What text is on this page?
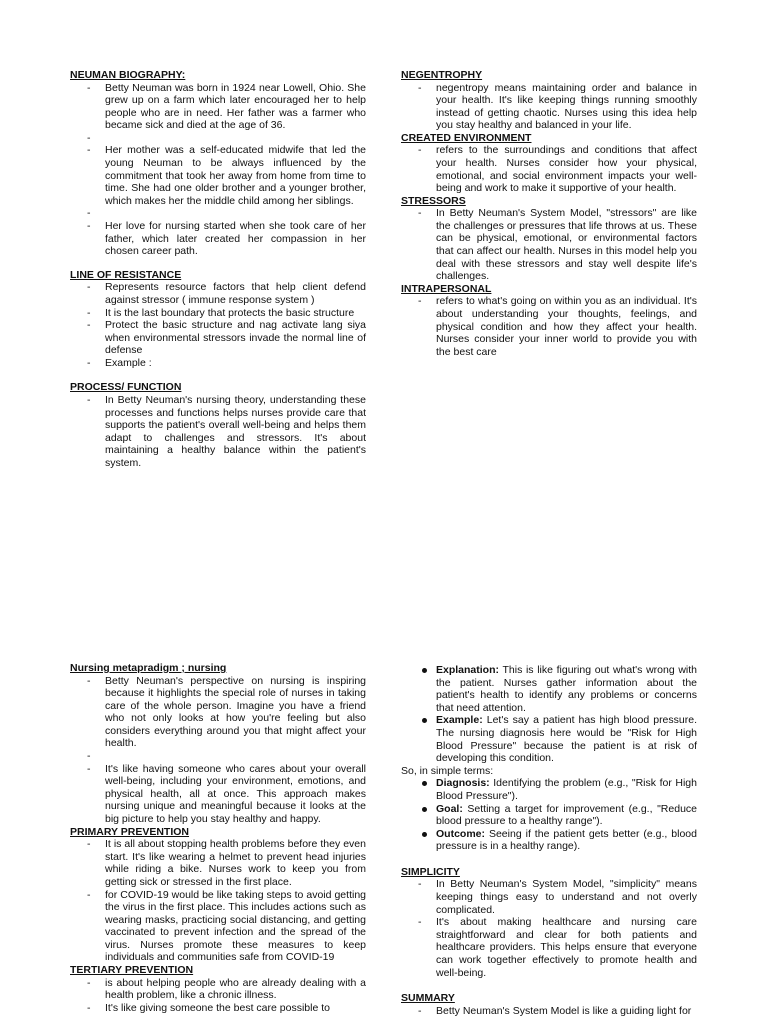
NEUMAN BIOGRAPHY:

- Betty Neuman was born in 1924 near Lowell, Ohio. She grew up on a farm which later encouraged her to help people who are in need. Her father was a farmer who became sick and died at the age of 36.
-
- Her mother was a self-educated midwife that led the young Neuman to be always influenced by the commitment that took her away from home from time to time. She had one older brother and a younger brother, which makes her the middle child among her siblings.
-
- Her love for nursing started when she took care of her father, which later created her compassion in her chosen career path.

LINE OF RESISTANCE

- Represents resource factors that help client defend against stressor ( immune response system )
- It is the last boundary that protects the basic structure
- Protect the basic structure and nag activate lang siya when environmental stressors invade the normal line of defense
- Example :

PROCESS/ FUNCTION

- In Betty Neuman's nursing theory, understanding these processes and functions helps nurses provide care that supports the patient's overall well-being and helps them adapt to challenges and stressors. It's about maintaining a healthy balance within the patient's system.

NEGENTROPHY

- negentropy means maintaining order and balance in your health. It's like keeping things running smoothly instead of getting chaotic. Nurses using this idea help you stay healthy and balanced in your life.

CREATED ENVIRONMENT

- refers to the surroundings and conditions that affect your health. Nurses consider how your physical, emotional, and social environment impacts your well-being and work to make it supportive of your health.

STRESSORS

- In Betty Neuman's System Model, "stressors" are like the challenges or pressures that life throws at us. These can be physical, emotional, or environmental factors that can affect our health. Nurses in this model help you deal with these stressors and stay well despite life's challenges.

INTRAPERSONAL

- refers to what's going on within you as an individual. It's about understanding your thoughts, feelings, and physical condition and how they affect your health. Nurses consider your inner world to provide you with the best care

Nursing metapradigm ; nursing

- Betty Neuman's perspective on nursing is inspiring because it highlights the special role of nurses in taking care of the whole person. Imagine you have a friend who not only looks at how you're feeling but also considers everything around you that might affect your health.
-
- It's like having someone who cares about your overall well-being, including your environment, emotions, and physical health, all at once. This approach makes nursing unique and meaningful because it looks at the big picture to help you stay healthy and happy.

PRIMARY PREVENTION

- It is all about stopping health problems before they even start. It's like wearing a helmet to prevent head injuries while riding a bike. Nurses work to keep you from getting sick or stressed in the first place.
- for COVID-19 would be like taking steps to avoid getting the virus in the first place. This includes actions such as wearing masks, practicing social distancing, and getting vaccinated to prevent infection and the spread of the virus. Nurses promote these measures to keep individuals and communities safe from COVID-19

TERTIARY PREVENTION

- is about helping people who are already dealing with a health problem, like a chronic illness.
- It's like giving someone the best care possible to
Explanation: This is like figuring out what's wrong with the patient. Nurses gather information about the patient's health to identify any problems or concerns that need attention.
Example: Let's say a patient has high blood pressure. The nursing diagnosis here would be "Risk for High Blood Pressure" because the patient is at risk of developing this condition.

So, in simple terms:

Diagnosis: Identifying the problem (e.g., "Risk for High Blood Pressure").
Goal: Setting a target for improvement (e.g., "Reduce blood pressure to a healthy range").
Outcome: Seeing if the patient gets better (e.g., blood pressure is in a healthy range).

SIMPLICITY

- In Betty Neuman's System Model, "simplicity" means keeping things easy to understand and not overly complicated.
- It's about making healthcare and nursing care straightforward and clear for both patients and healthcare providers. This helps ensure that everyone can work together effectively to promote health and well-being.

SUMMARY

- Betty Neuman's System Model is like a guiding light for
